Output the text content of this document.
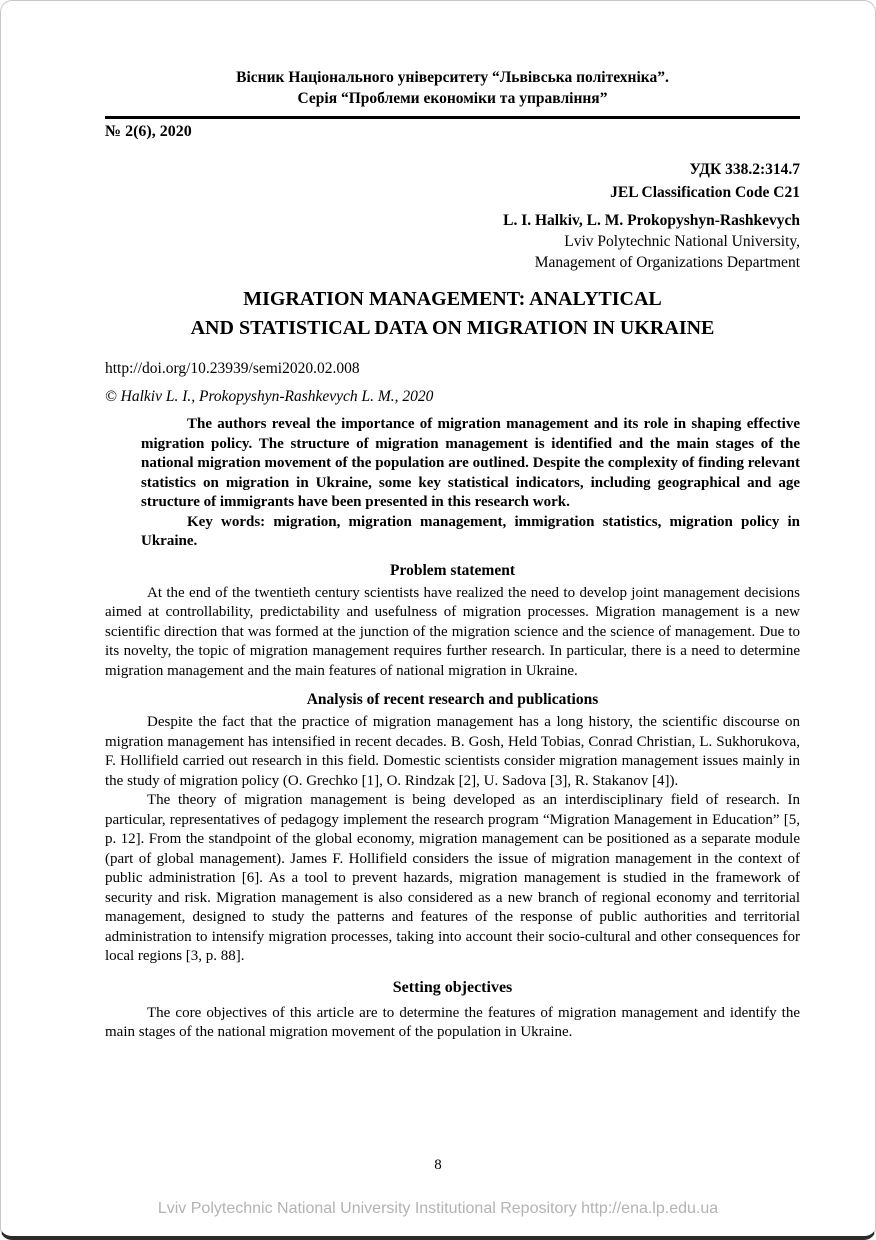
Вісник Національного університету “Львівська політехніка”.
Серія “Проблеми економіки та управління”
№ 2(6), 2020
УДК 338.2:314.7
JEL Classification Code C21
L. I. Halkiv, L. M. Prokopyshyn-Rashkevych
Lviv Polytechnic National University,
Management of Organizations Department
MIGRATION MANAGEMENT: ANALYTICAL
AND STATISTICAL DATA ON MIGRATION IN UKRAINE
http://doi.org/10.23939/semi2020.02.008
© Halkiv L. I., Prokopyshyn-Rashkevych L. M., 2020

The authors reveal the importance of migration management and its role in shaping effective migration policy. The structure of migration management is identified and the main stages of the national migration movement of the population are outlined. Despite the complexity of finding relevant statistics on migration in Ukraine, some key statistical indicators, including geographical and age structure of immigrants have been presented in this research work.

Key words: migration, migration management, immigration statistics, migration policy in Ukraine.

Problem statement

At the end of the twentieth century scientists have realized the need to develop joint management decisions aimed at controllability, predictability and usefulness of migration processes. Migration management is a new scientific direction that was formed at the junction of the migration science and the science of management. Due to its novelty, the topic of migration management requires further research. In particular, there is a need to determine migration management and the main features of national migration in Ukraine.

Analysis of recent research and publications

Despite the fact that the practice of migration management has a long history, the scientific discourse on migration management has intensified in recent decades. B. Gosh, Held Tobias, Conrad Christian, L. Sukhorukova, F. Hollifield carried out research in this field. Domestic scientists consider migration management issues mainly in the study of migration policy (O. Grechko [1], O. Rindzak [2], U. Sadova [3], R. Stakanov [4]).

The theory of migration management is being developed as an interdisciplinary field of research. In particular, representatives of pedagogy implement the research program “Migration Management in Education” [5, p. 12]. From the standpoint of the global economy, migration management can be positioned as a separate module (part of global management). James F. Hollifield considers the issue of migration management in the context of public administration [6]. As a tool to prevent hazards, migration management is studied in the framework of security and risk. Migration management is also considered as a new branch of regional economy and territorial management, designed to study the patterns and features of the response of public authorities and territorial administration to intensify migration processes, taking into account their socio-cultural and other consequences for local regions [3, p. 88].

Setting objectives

The core objectives of this article are to determine the features of migration management and identify the main stages of the national migration movement of the population in Ukraine.

8
Lviv Polytechnic National University Institutional Repository http://ena.lp.edu.ua
